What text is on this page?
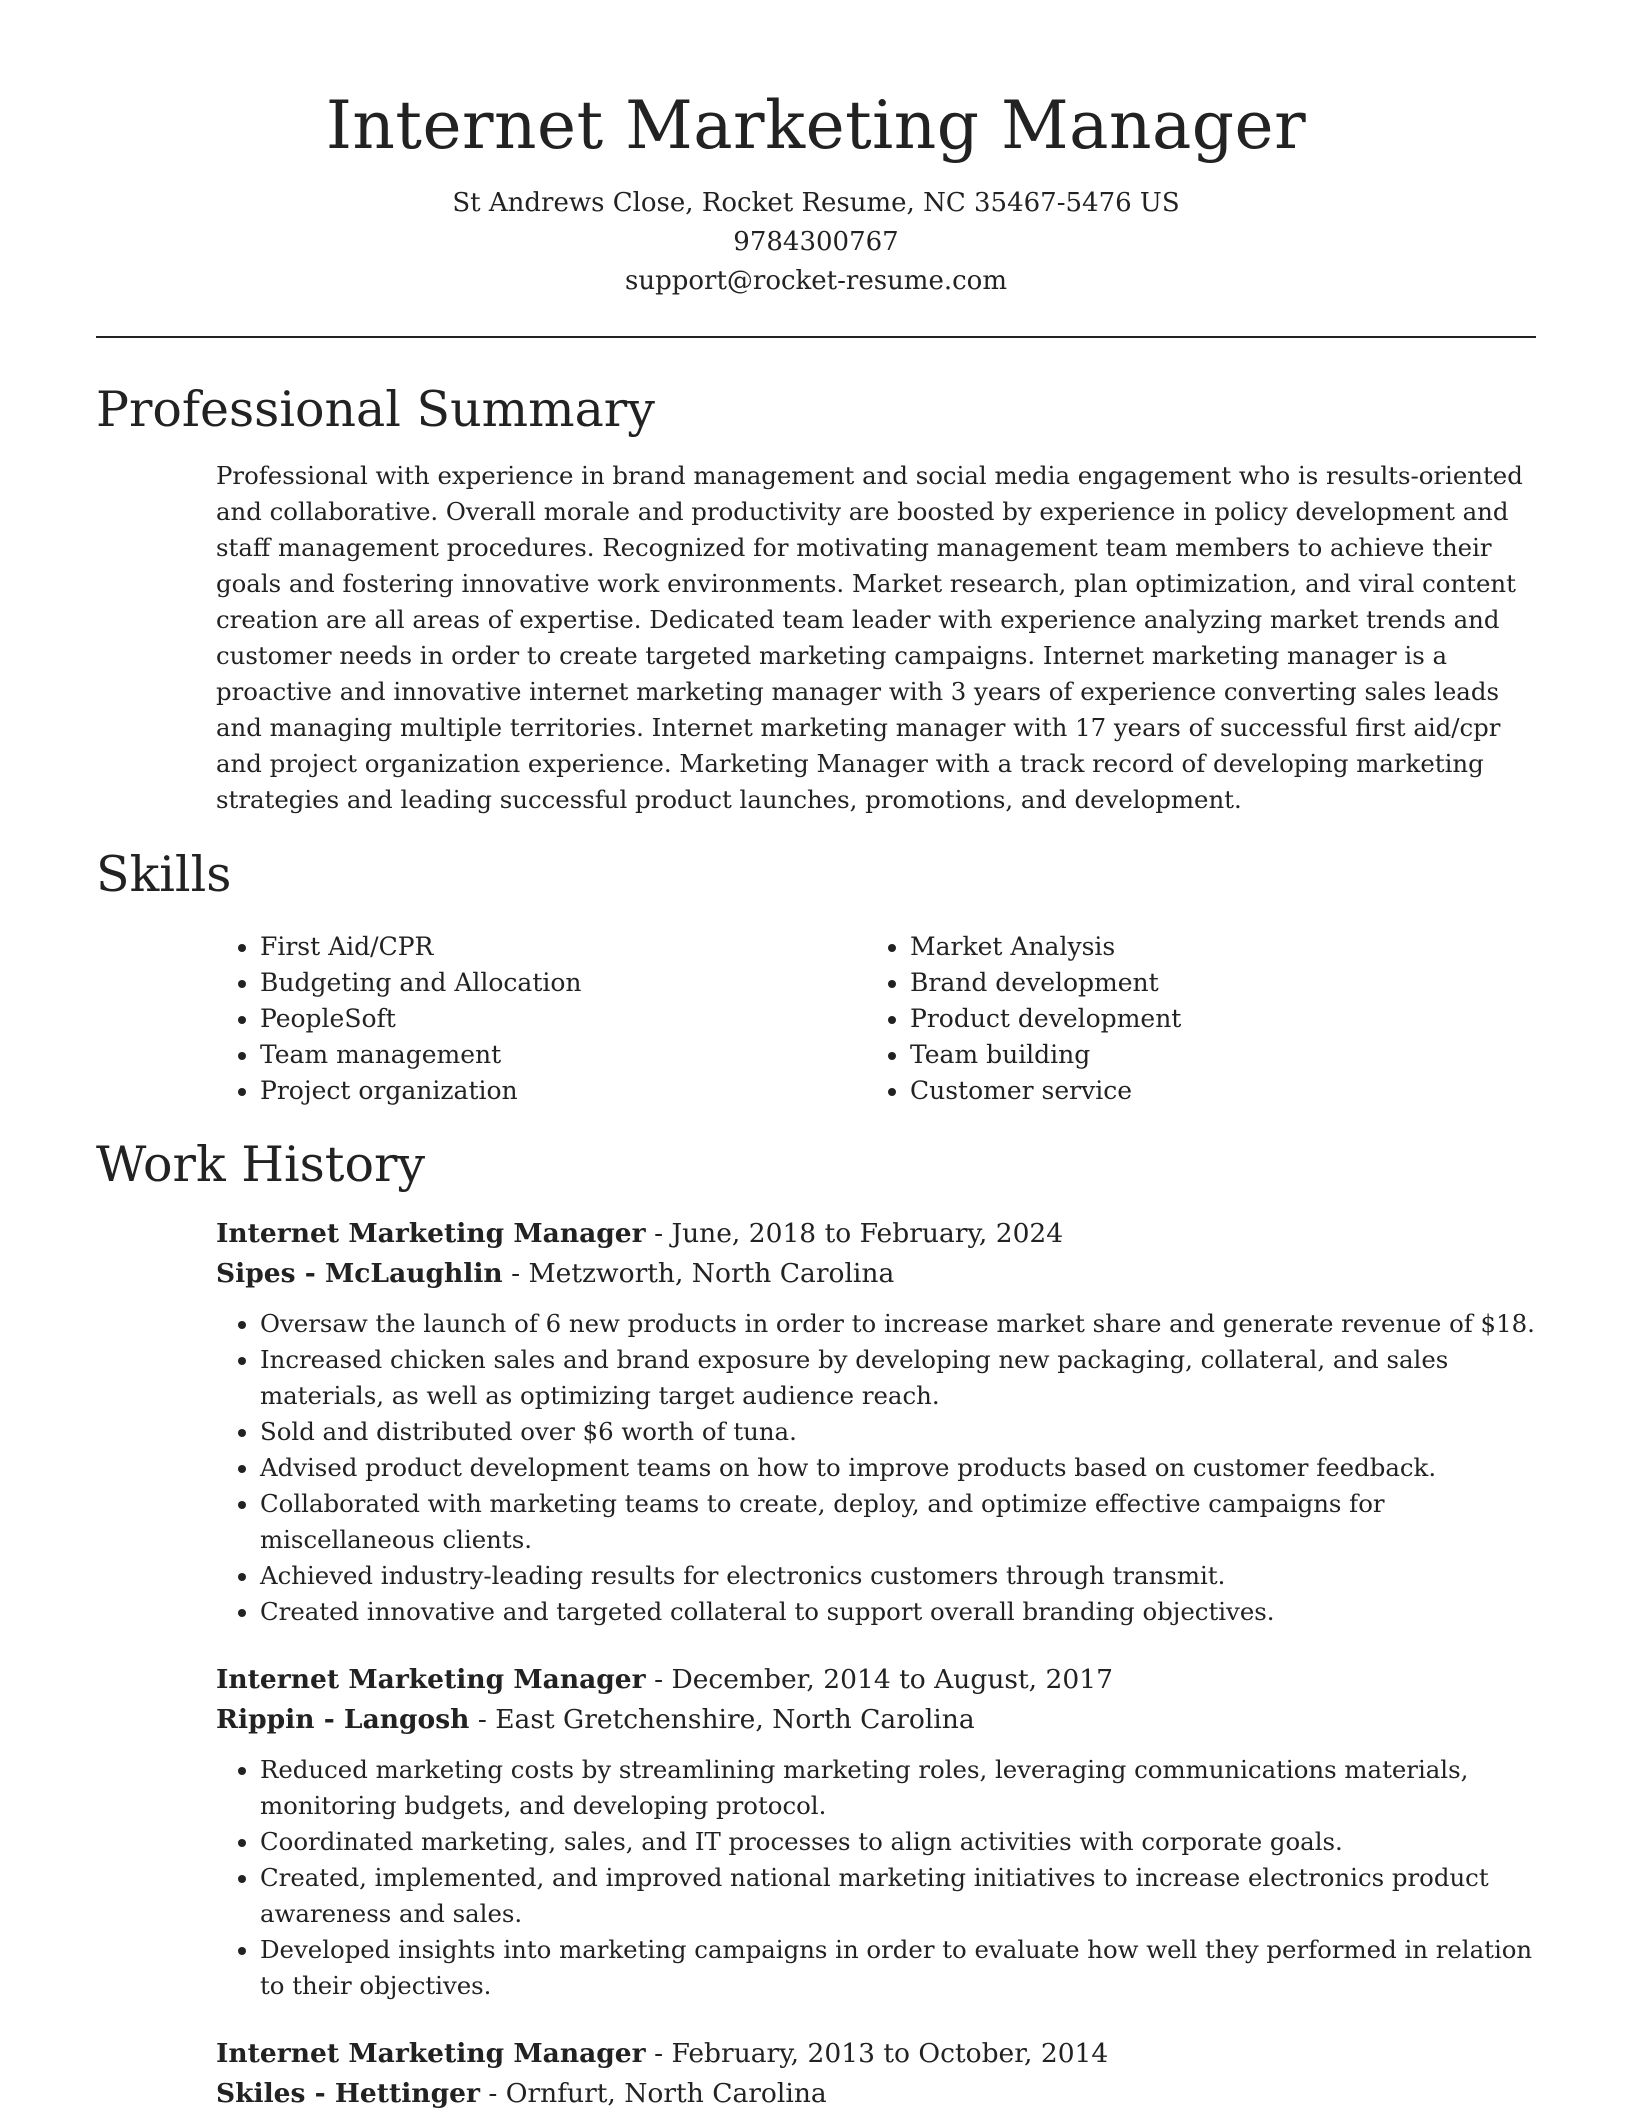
Internet Marketing Manager
St Andrews Close, Rocket Resume, NC 35467-5476 US
9784300767
support@rocket-resume.com
Professional Summary

Professional with experience in brand management and social media engagement who is results-oriented and collaborative. Overall morale and productivity are boosted by experience in policy development and staff management procedures. Recognized for motivating management team members to achieve their goals and fostering innovative work environments. Market research, plan optimization, and viral content creation are all areas of expertise. Dedicated team leader with experience analyzing market trends and customer needs in order to create targeted marketing campaigns. Internet marketing manager is a proactive and innovative internet marketing manager with 3 years of experience converting sales leads and managing multiple territories. Internet marketing manager with 17 years of successful first aid/cpr and project organization experience. Marketing Manager with a track record of developing marketing strategies and leading successful product launches, promotions, and development.

Skills
• First Aid/CPR
• Budgeting and Allocation
• PeopleSoft
• Team management
• Project organization
• Market Analysis
• Brand development
• Product development
• Team building
• Customer service
Work History
Internet Marketing Manager - June, 2018 to February, 2024
Sipes - McLaughlin - Metzworth, North Carolina
• Oversaw the launch of 6 new products in order to increase market share and generate revenue of $18.
• Increased chicken sales and brand exposure by developing new packaging, collateral, and sales materials, as well as optimizing target audience reach.
• Sold and distributed over $6 worth of tuna.
• Advised product development teams on how to improve products based on customer feedback.
• Collaborated with marketing teams to create, deploy, and optimize effective campaigns for miscellaneous clients.
• Achieved industry-leading results for electronics customers through transmit.
• Created innovative and targeted collateral to support overall branding objectives.
Internet Marketing Manager - December, 2014 to August, 2017
Rippin - Langosh - East Gretchenshire, North Carolina
• Reduced marketing costs by streamlining marketing roles, leveraging communications materials, monitoring budgets, and developing protocol.
• Coordinated marketing, sales, and IT processes to align activities with corporate goals.
• Created, implemented, and improved national marketing initiatives to increase electronics product awareness and sales.
• Developed insights into marketing campaigns in order to evaluate how well they performed in relation to their objectives.
Internet Marketing Manager - February, 2013 to October, 2014
Skiles - Hettinger - Ornfurt, North Carolina
